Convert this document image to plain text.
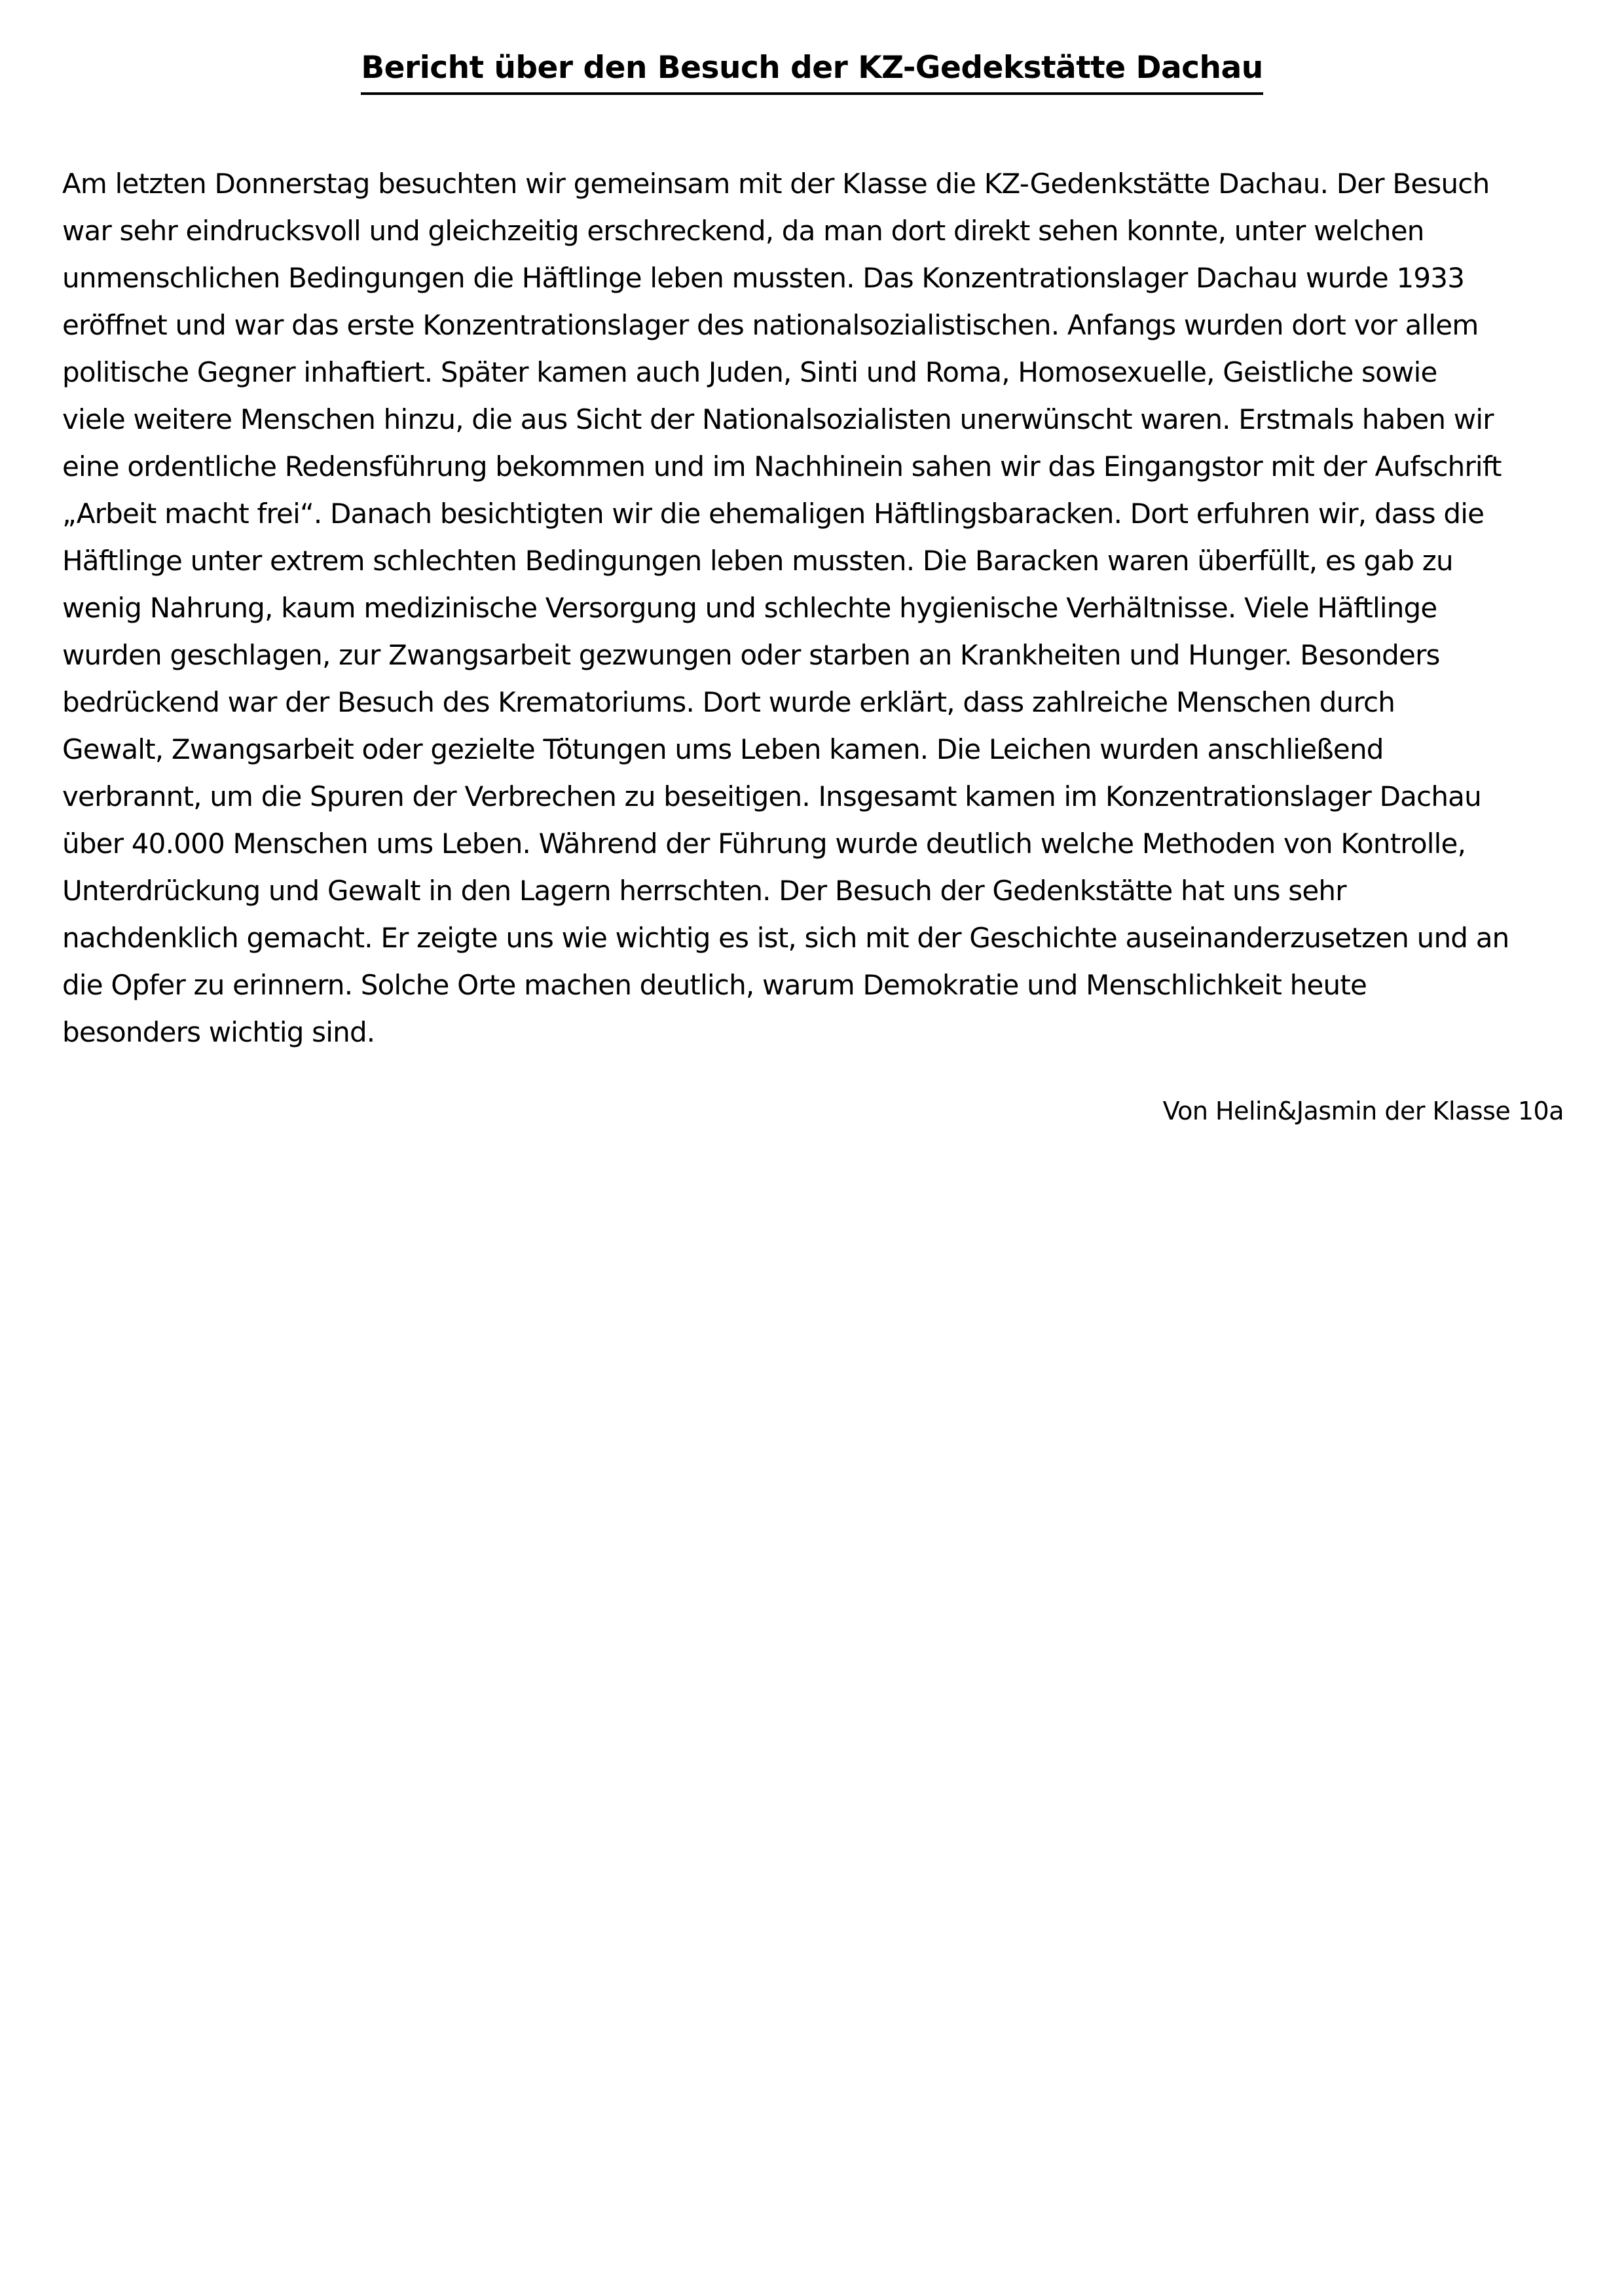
Bericht über den Besuch der KZ-Gedekstätte Dachau
Am letzten Donnerstag besuchten wir gemeinsam mit der Klasse die KZ-Gedenkstätte Dachau. Der Besuch
war sehr eindrucksvoll und gleichzeitig erschreckend, da man dort direkt sehen konnte, unter welchen
unmenschlichen Bedingungen die Häftlinge leben mussten. Das Konzentrationslager Dachau wurde 1933
eröffnet und war das erste Konzentrationslager des nationalsozialistischen. Anfangs wurden dort vor allem
politische Gegner inhaftiert. Später kamen auch Juden, Sinti und Roma, Homosexuelle, Geistliche sowie
viele weitere Menschen hinzu, die aus Sicht der Nationalsozialisten unerwünscht waren. Erstmals haben wir
eine ordentliche Redensführung bekommen und im Nachhinein sahen wir das Eingangstor mit der Aufschrift
„Arbeit macht frei“. Danach besichtigten wir die ehemaligen Häftlingsbaracken. Dort erfuhren wir, dass die
Häftlinge unter extrem schlechten Bedingungen leben mussten. Die Baracken waren überfüllt, es gab zu
wenig Nahrung, kaum medizinische Versorgung und schlechte hygienische Verhältnisse. Viele Häftlinge
wurden geschlagen, zur Zwangsarbeit gezwungen oder starben an Krankheiten und Hunger. Besonders
bedrückend war der Besuch des Krematoriums. Dort wurde erklärt, dass zahlreiche Menschen durch
Gewalt, Zwangsarbeit oder gezielte Tötungen ums Leben kamen. Die Leichen wurden anschließend
verbrannt, um die Spuren der Verbrechen zu beseitigen. Insgesamt kamen im Konzentrationslager Dachau
über 40.000 Menschen ums Leben. Während der Führung wurde deutlich welche Methoden von Kontrolle,
Unterdrückung und Gewalt in den Lagern herrschten. Der Besuch der Gedenkstätte hat uns sehr
nachdenklich gemacht. Er zeigte uns wie wichtig es ist, sich mit der Geschichte auseinanderzusetzen und an
die Opfer zu erinnern. Solche Orte machen deutlich, warum Demokratie und Menschlichkeit heute
besonders wichtig sind.
Von Helin&Jasmin der Klasse 10a
